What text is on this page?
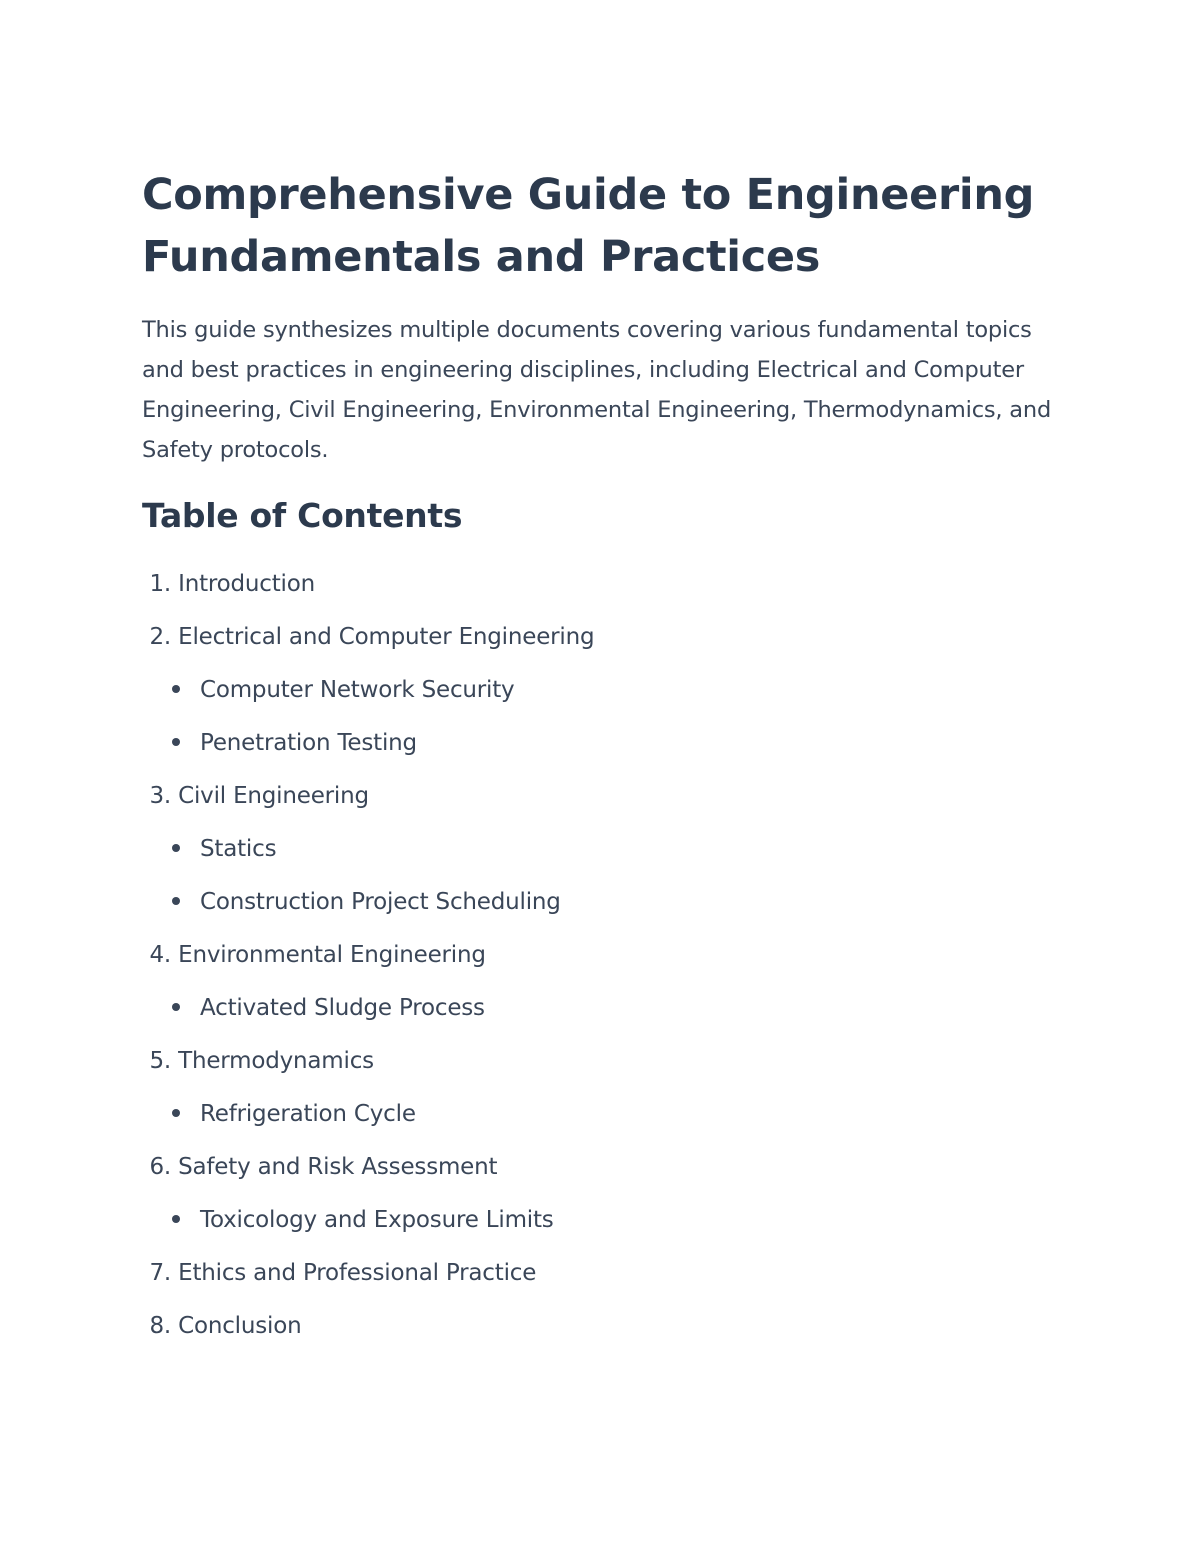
Comprehensive Guide to Engineering Fundamentals and Practices

This guide synthesizes multiple documents covering various fundamental topics and best practices in engineering disciplines, including Electrical and Computer Engineering, Civil Engineering, Environmental Engineering, Thermodynamics, and Safety protocols.

Table of Contents
1. Introduction
2. Electrical and Computer Engineering
Computer Network Security
Penetration Testing
3. Civil Engineering
Statics
Construction Project Scheduling
4. Environmental Engineering
Activated Sludge Process
5. Thermodynamics
Refrigeration Cycle
6. Safety and Risk Assessment
Toxicology and Exposure Limits
7. Ethics and Professional Practice
8. Conclusion
